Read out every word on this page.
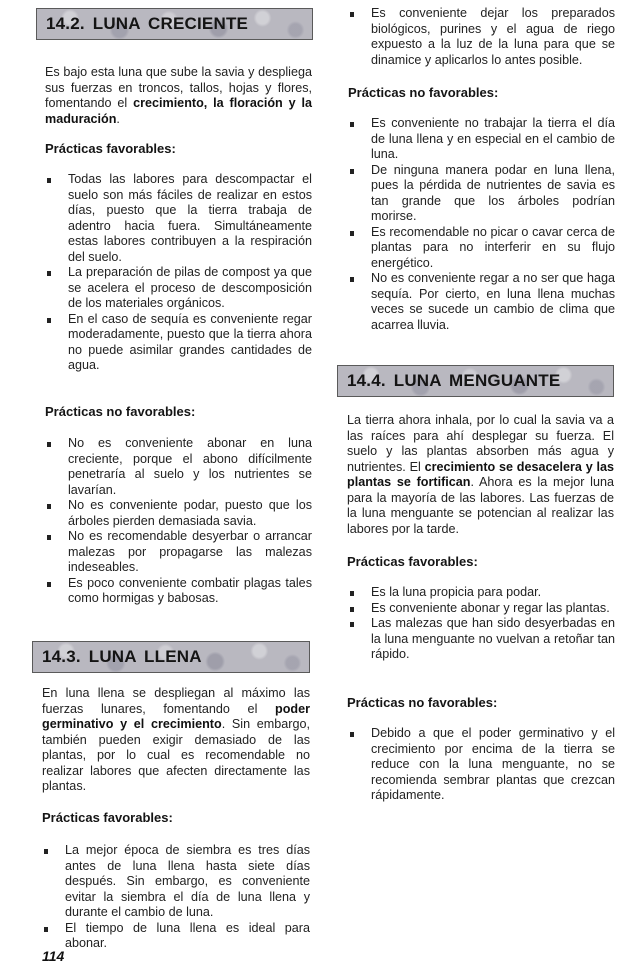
14.2. LUNA CRECIENTE
Es bajo esta luna que sube la savia y despliega sus fuerzas en troncos, tallos, hojas y flores, fomentando el crecimiento, la floración y la maduración.
Prácticas favorables:
Todas las labores para descompactar el suelo son más fáciles de realizar en estos días, puesto que la tierra trabaja de adentro hacia fuera. Simultáneamente estas labores contribuyen a la respiración del suelo.
La preparación de pilas de compost ya que se acelera el proceso de descomposición de los materiales orgánicos.
En el caso de sequía es conveniente regar moderadamente, puesto que la tierra ahora no puede asimilar grandes cantidades de agua.
Prácticas no favorables:
No es conveniente abonar en luna creciente, porque el abono difícilmente penetraría al suelo y los nutrientes se lavarían.
No es conveniente podar, puesto que los árboles pierden demasiada savia.
No es recomendable desyerbar o arrancar malezas por propagarse las malezas indeseables.
Es poco conveniente combatir plagas tales como hormigas y babosas.
14.3. LUNA LLENA
En luna llena se despliegan al máximo las fuerzas lunares, fomentando el poder germinativo y el crecimiento. Sin embargo, también pueden exigir demasiado de las plantas, por lo cual es recomendable no realizar labores que afecten directamente las plantas.
Prácticas favorables:
La mejor época de siembra es tres días antes de luna llena hasta siete días después. Sin embargo, es conveniente evitar la siembra el día de luna llena y durante el cambio de luna.
El tiempo de luna llena es ideal para abonar.
114
Es conveniente dejar los preparados biológicos, purines y el agua de riego expuesto a la luz de la luna para que se dinamice y aplicarlos lo antes posible.
Prácticas no favorables:
Es conveniente no trabajar la tierra el día de luna llena y en especial en el cambio de luna.
De ninguna manera podar en luna llena, pues la pérdida de nutrientes de savia es tan grande que los árboles podrían morirse.
Es recomendable no picar o cavar cerca de plantas para no interferir en su flujo energético.
No es conveniente regar a no ser que haga sequía. Por cierto, en luna llena muchas veces se sucede un cambio de clima que acarrea lluvia.
14.4. LUNA MENGUANTE
La tierra ahora inhala, por lo cual la savia va a las raíces para ahí desplegar su fuerza. El suelo y las plantas absorben más agua y nutrientes. El crecimiento se desacelera y las plantas se fortifican. Ahora es la mejor luna para la mayoría de las labores. Las fuerzas de la luna menguante se potencian al realizar las labores por la tarde.
Prácticas favorables:
Es la luna propicia para podar.
Es conveniente abonar y regar las plantas.
Las malezas que han sido desyerbadas en la luna menguante no vuelvan a retoñar tan rápido.
Prácticas no favorables:
Debido a que el poder germinativo y el crecimiento por encima de la tierra se reduce con la luna menguante, no se recomienda sembrar plantas que crezcan rápidamente.
